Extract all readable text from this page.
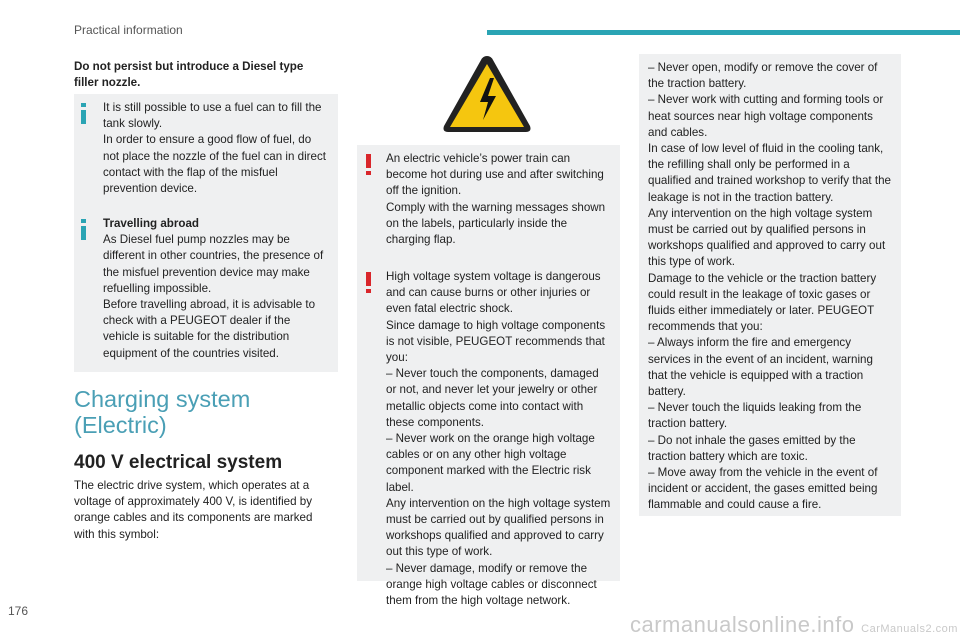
Practical information
Do not persist but introduce a Diesel type filler nozzle.

It is still possible to use a fuel can to fill the tank slowly.
In order to ensure a good flow of fuel, do not place the nozzle of the fuel can in direct contact with the flap of the misfuel prevention device.

Travelling abroad

As Diesel fuel pump nozzles may be different in other countries, the presence of the misfuel prevention device may make refuelling impossible.
Before travelling abroad, it is advisable to check with a PEUGEOT dealer if the vehicle is suitable for the distribution equipment of the countries visited.

Charging system
(Electric)
400 V electrical system
The electric drive system, which operates at a voltage of approximately 400 V, is identified by orange cables and its components are marked with this symbol:

An electric vehicle’s power train can become hot during use and after switching off the ignition.
Comply with the warning messages shown on the labels, particularly inside the charging flap.

High voltage system voltage is dangerous and can cause burns or other injuries or even fatal electric shock.
Since damage to high voltage components is not visible, PEUGEOT recommends that you:
– Never touch the components, damaged or not, and never let your jewelry or other metallic objects come into contact with these components.
– Never work on the orange high voltage cables or on any other high voltage component marked with the Electric risk label.
Any intervention on the high voltage system must be carried out by qualified persons in workshops qualified and approved to carry out this type of work.
– Never damage, modify or remove the orange high voltage cables or disconnect them from the high voltage network.

– Never open, modify or remove the cover of the traction battery.
– Never work with cutting and forming tools or heat sources near high voltage components and cables.
In case of low level of fluid in the cooling tank, the refilling shall only be performed in a qualified and trained workshop to verify that the leakage is not in the traction battery.
Any intervention on the high voltage system must be carried out by qualified persons in workshops qualified and approved to carry out this type of work.
Damage to the vehicle or the traction battery could result in the leakage of toxic gases or fluids either immediately or later. PEUGEOT recommends that you:
– Always inform the fire and emergency services in the event of an incident, warning that the vehicle is equipped with a traction battery.
– Never touch the liquids leaking from the traction battery.
– Do not inhale the gases emitted by the traction battery which are toxic.
– Move away from the vehicle in the event of incident or accident, the gases emitted being flammable and could cause a fire.

176
carmanualsonline.info CarManuals2.com
